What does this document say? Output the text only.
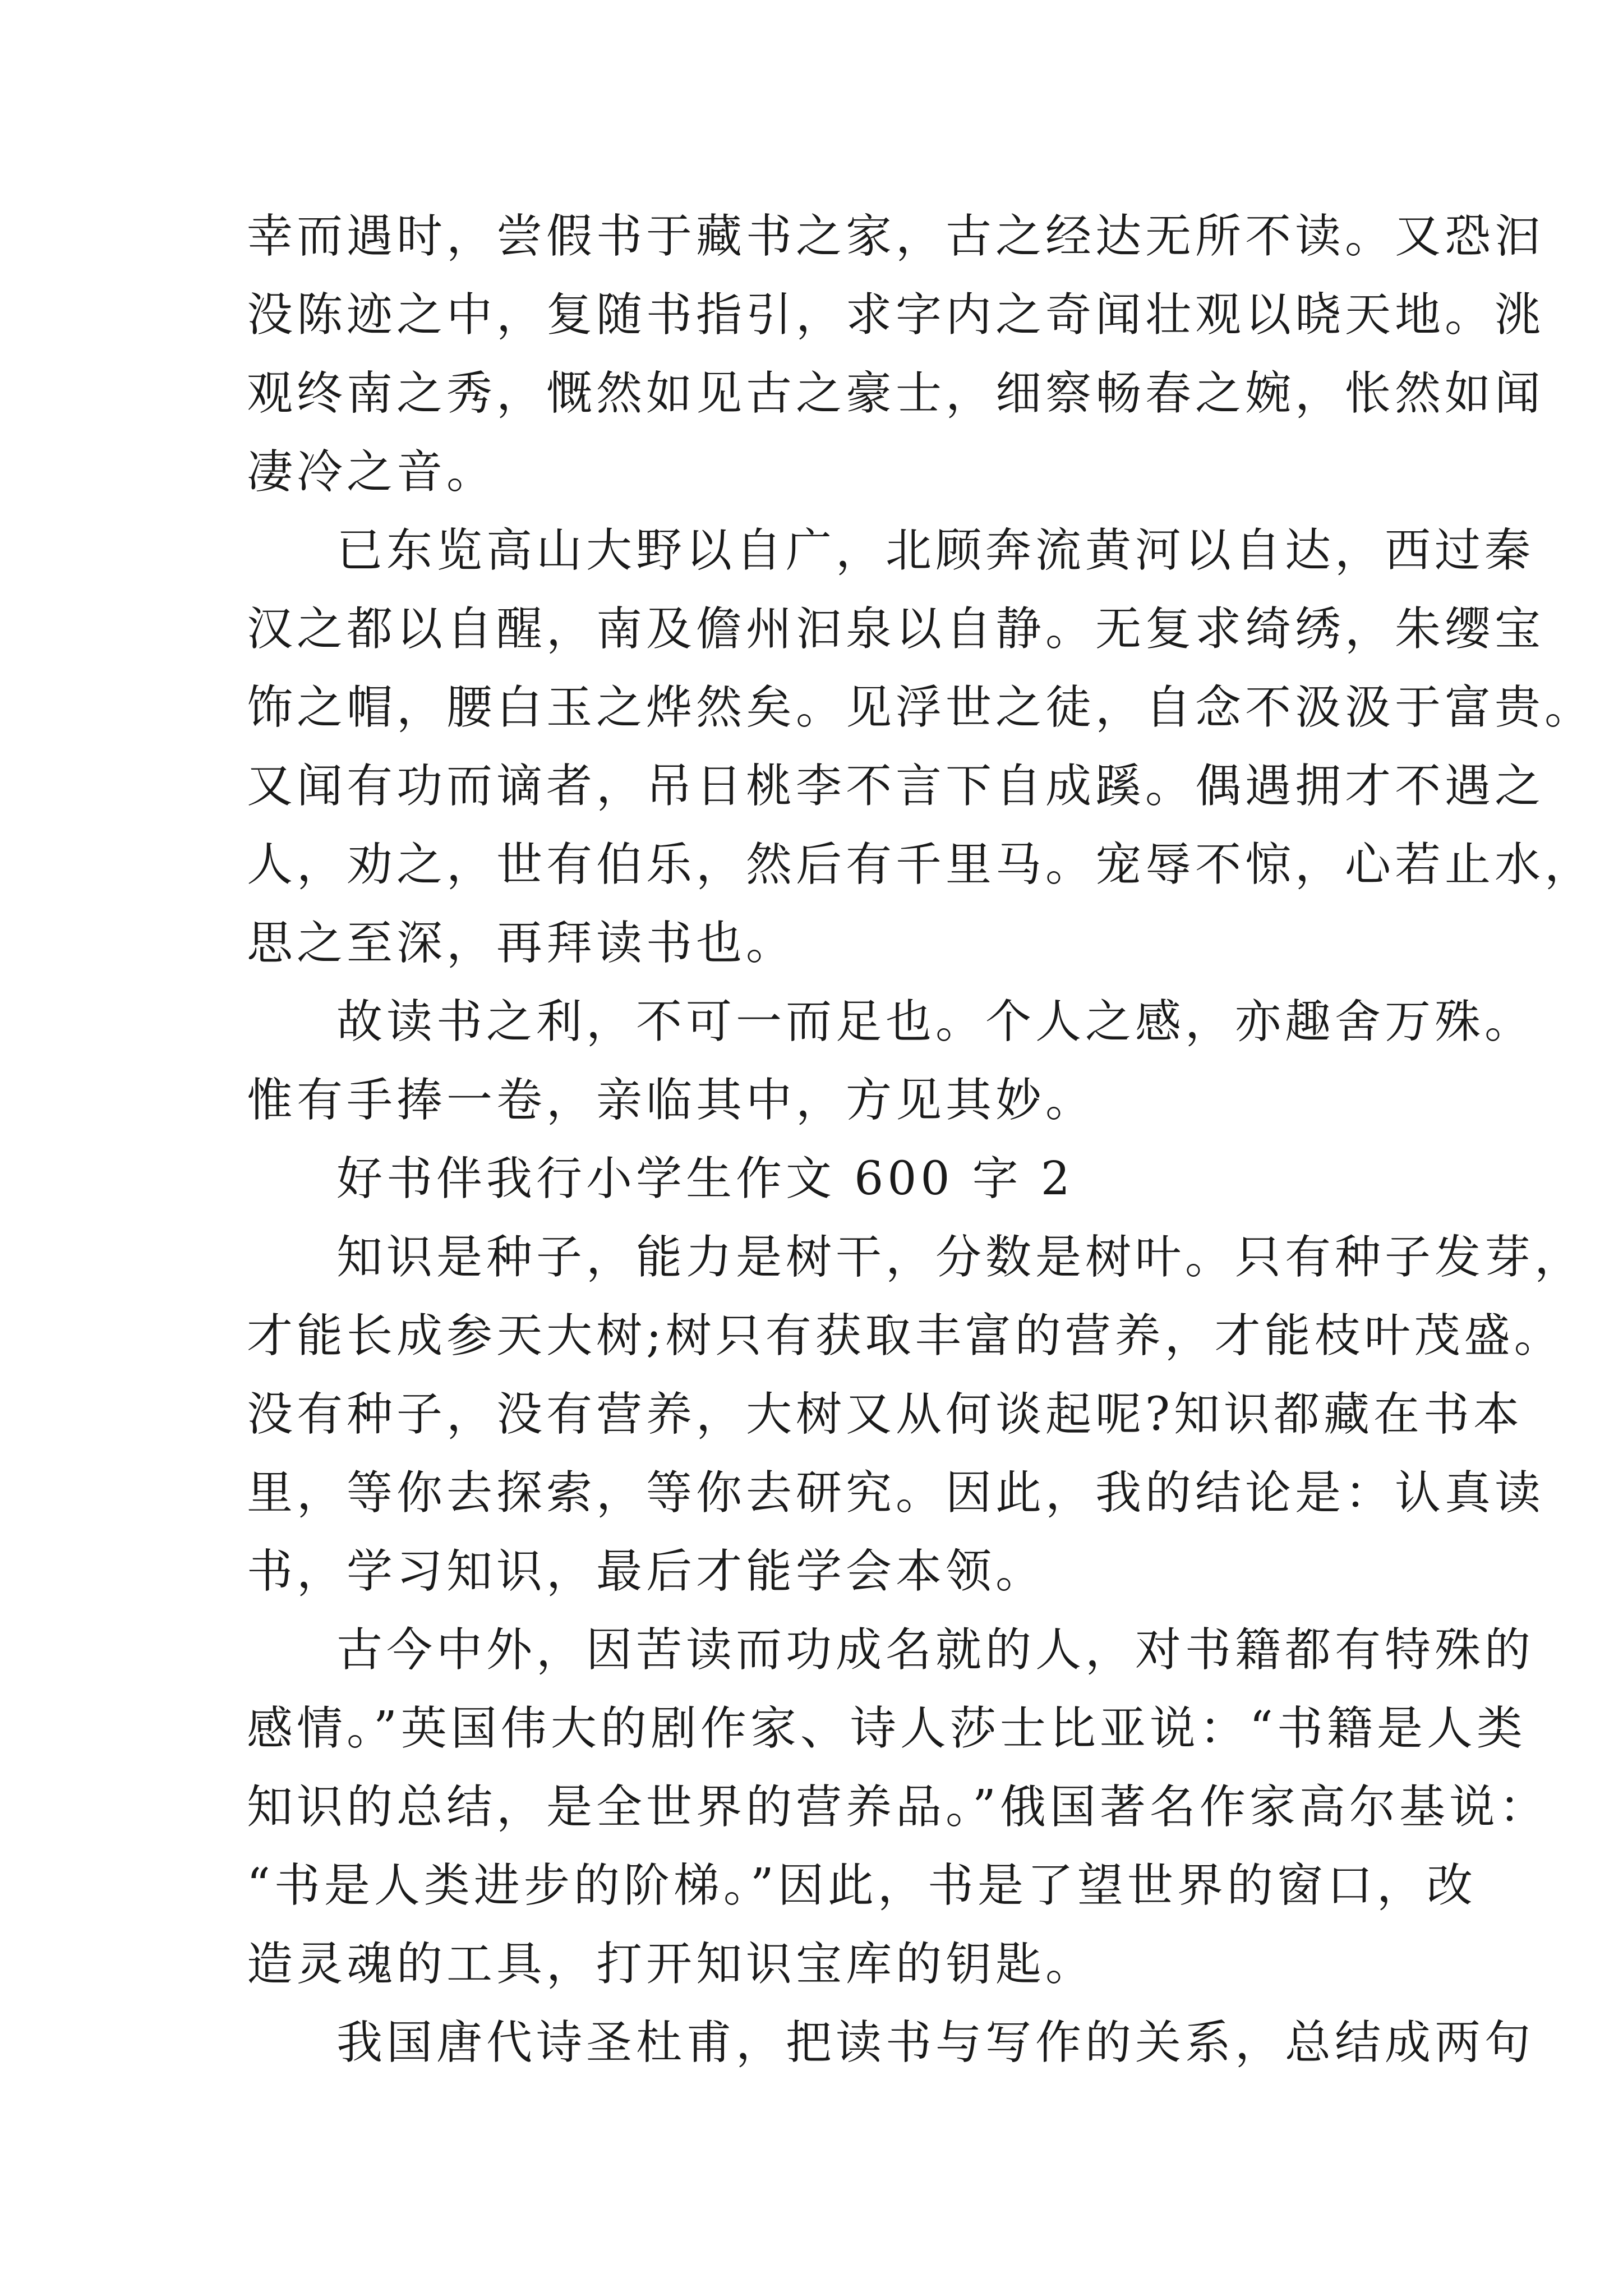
幸而遇时，尝假书于藏书之家，古之经达无所不读。又恐汩

没陈迹之中，复随书指引，求字内之奇闻壮观以晓天地。洮

观终南之秀，慨然如见古之豪士，细察畅春之婉，怅然如闻

凄冷之音。

已东览高山大野以自广，北顾奔流黄河以自达，西过秦

汉之都以自醒，南及儋州汩泉以自静。无复求绮绣，朱缨宝

饰之帽，腰白玉之烨然矣。见浮世之徒，自念不汲汲于富贵。

又闻有功而谪者，吊日桃李不言下自成蹊。偶遇拥才不遇之

人，劝之，世有伯乐，然后有千里马。宠辱不惊，心若止水，

思之至深，再拜读书也。

故读书之利，不可一而足也。个人之感，亦趣舍万殊。

惟有手捧一卷，亲临其中，方见其妙。

好书伴我行小学生作文 600 字 2

知识是种子，能力是树干，分数是树叶。只有种子发芽，

才能长成参天大树;树只有获取丰富的营养，才能枝叶茂盛。

没有种子，没有营养，大树又从何谈起呢?知识都藏在书本

里，等你去探索，等你去研究。因此，我的结论是：认真读

书，学习知识，最后才能学会本领。

古今中外，因苦读而功成名就的人，对书籍都有特殊的

感情。”英国伟大的剧作家、诗人莎士比亚说：“书籍是人类

知识的总结，是全世界的营养品。”俄国著名作家高尔基说：

“书是人类进步的阶梯。”因此，书是了望世界的窗口，改

造灵魂的工具，打开知识宝库的钥匙。

我国唐代诗圣杜甫，把读书与写作的关系，总结成两句
